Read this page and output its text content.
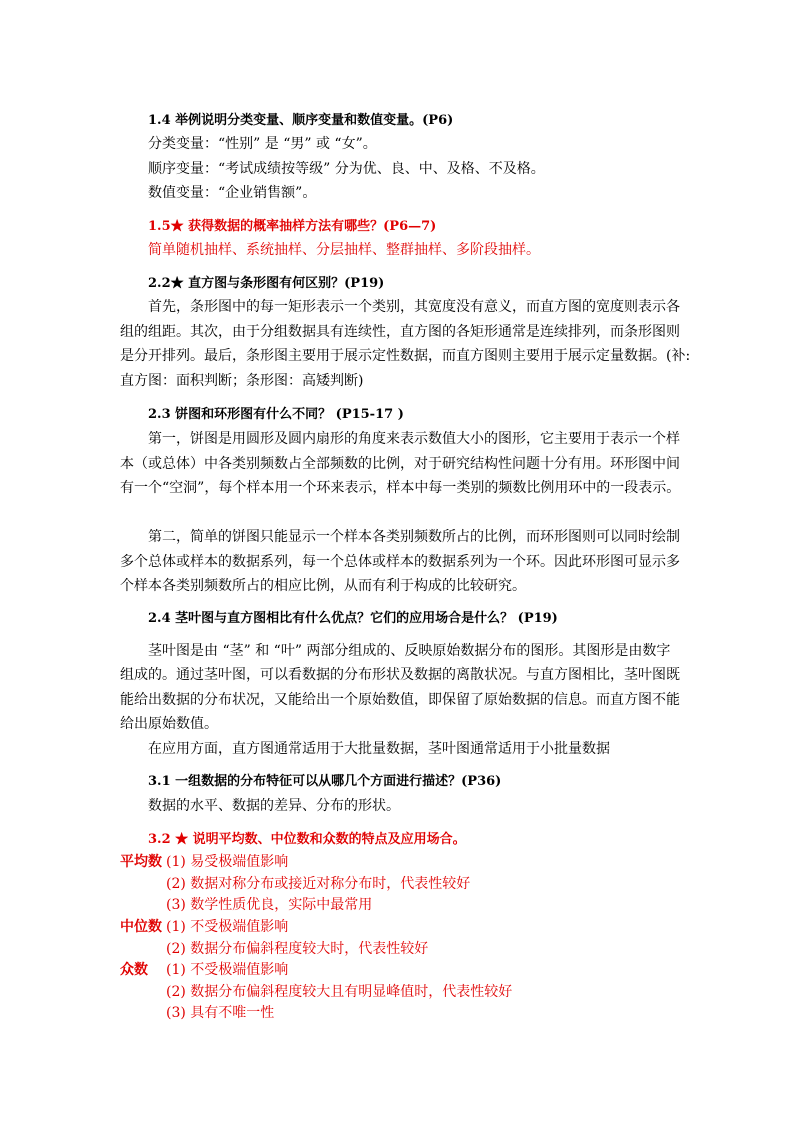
1.4 举例说明分类变量、顺序变量和数值变量。(P6)
分类变量：“性别” 是 “男” 或 “女”。
顺序变量：“考试成绩按等级” 分为优、良、中、及格、不及格。
数值变量：“企业销售额”。
1.5★ 获得数据的概率抽样方法有哪些？(P6—7)
简单随机抽样、系统抽样、分层抽样、整群抽样、多阶段抽样。
2.2★ 直方图与条形图有何区别？(P19)
首先，条形图中的每一矩形表示一个类别，其宽度没有意义，而直方图的宽度则表示各
组的组距。其次，由于分组数据具有连续性，直方图的各矩形通常是连续排列，而条形图则
是分开排列。最后，条形图主要用于展示定性数据，而直方图则主要用于展示定量数据。(补:
直方图：面积判断；条形图：高矮判断)
2.3 饼图和环形图有什么不同？ (P15-17 )
第一，饼图是用圆形及圆内扇形的角度来表示数值大小的图形，它主要用于表示一个样
本（或总体）中各类别频数占全部频数的比例，对于研究结构性问题十分有用。环形图中间
有一个“空洞”，每个样本用一个环来表示，样本中每一类别的频数比例用环中的一段表示。
第二，简单的饼图只能显示一个样本各类别频数所占的比例，而环形图则可以同时绘制
多个总体或样本的数据系列，每一个总体或样本的数据系列为一个环。因此环形图可显示多
个样本各类别频数所占的相应比例，从而有利于构成的比较研究。
2.4 茎叶图与直方图相比有什么优点？它们的应用场合是什么？ (P19)
茎叶图是由 “茎” 和 “叶” 两部分组成的、反映原始数据分布的图形。其图形是由数字
组成的。通过茎叶图，可以看数据的分布形状及数据的离散状况。与直方图相比，茎叶图既
能给出数据的分布状况，又能给出一个原始数值，即保留了原始数据的信息。而直方图不能
给出原始数值。
在应用方面，直方图通常适用于大批量数据，茎叶图通常适用于小批量数据
3.1 一组数据的分布特征可以从哪几个方面进行描述？(P36)
数据的水平、数据的差异、分布的形状。
3.2 ★ 说明平均数、中位数和众数的特点及应用场合。
平均数 (1) 易受极端值影响
(2) 数据对称分布或接近对称分布时，代表性较好
(3) 数学性质优良，实际中最常用
中位数 (1) 不受极端值影响
(2) 数据分布偏斜程度较大时，代表性较好
众数 (1) 不受极端值影响
(2) 数据分布偏斜程度较大且有明显峰值时，代表性较好
(3) 具有不唯一性
